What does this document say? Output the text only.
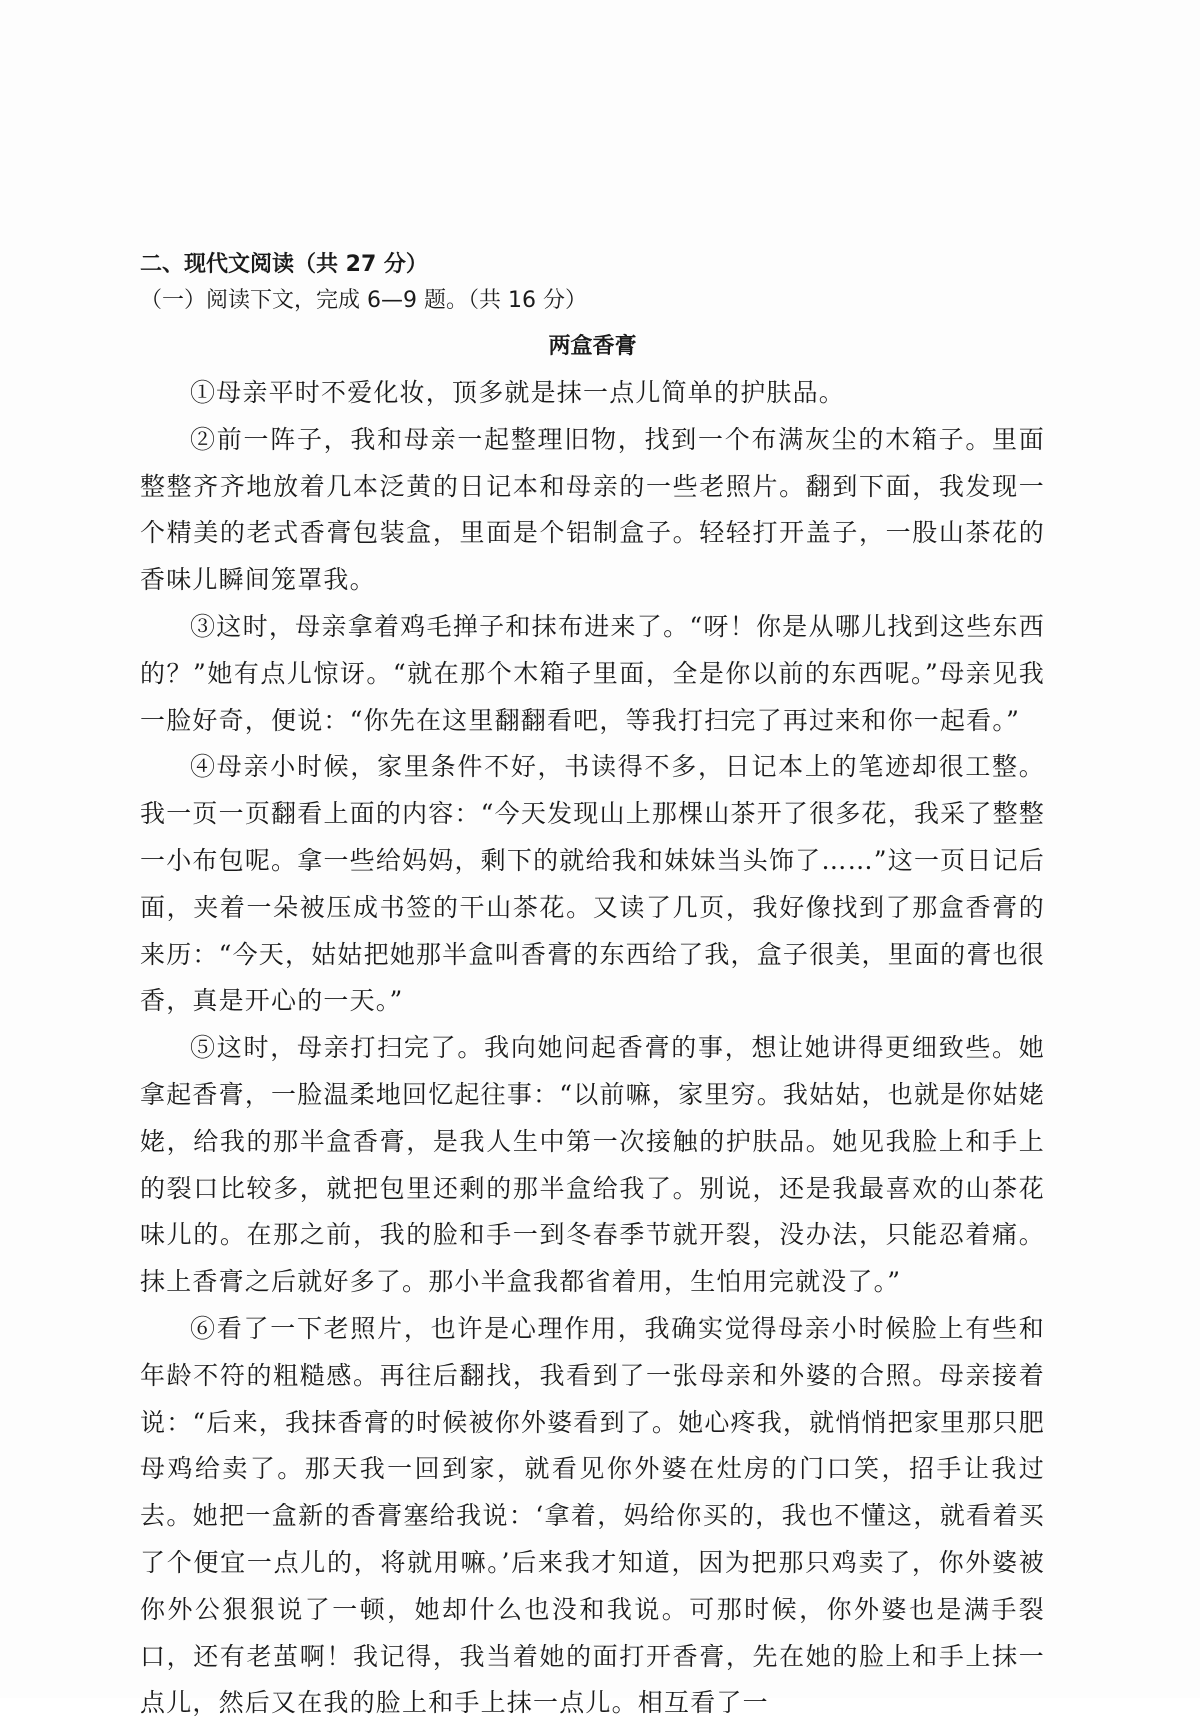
二、现代文阅读（共 27 分）

（一）阅读下文，完成 6—9 题。（共 16 分）

两盒香膏

①母亲平时不爱化妆，顶多就是抹一点儿简单的护肤品。

②前一阵子，我和母亲一起整理旧物，找到一个布满灰尘的木箱子。里面整整齐齐地放着几本泛黄的日记本和母亲的一些老照片。翻到下面，我发现一个精美的老式香膏包装盒，里面是个铝制盒子。轻轻打开盖子，一股山茶花的香味儿瞬间笼罩我。

③这时，母亲拿着鸡毛掸子和抹布进来了。“呀！你是从哪儿找到这些东西的？”她有点儿惊讶。“就在那个木箱子里面，全是你以前的东西呢。”母亲见我一脸好奇，便说：“你先在这里翻翻看吧，等我打扫完了再过来和你一起看。”

④母亲小时候，家里条件不好，书读得不多，日记本上的笔迹却很工整。我一页一页翻看上面的内容：“今天发现山上那棵山茶开了很多花，我采了整整一小布包呢。拿一些给妈妈，剩下的就给我和妹妹当头饰了……”这一页日记后面，夹着一朵被压成书签的干山茶花。又读了几页，我好像找到了那盒香膏的来历：“今天，姑姑把她那半盒叫香膏的东西给了我，盒子很美，里面的膏也很香，真是开心的一天。”

⑤这时，母亲打扫完了。我向她问起香膏的事，想让她讲得更细致些。她拿起香膏，一脸温柔地回忆起往事：“以前嘛，家里穷。我姑姑，也就是你姑姥姥，给我的那半盒香膏，是我人生中第一次接触的护肤品。她见我脸上和手上的裂口比较多，就把包里还剩的那半盒给我了。别说，还是我最喜欢的山茶花味儿的。在那之前，我的脸和手一到冬春季节就开裂，没办法，只能忍着痛。抹上香膏之后就好多了。那小半盒我都省着用，生怕用完就没了。”

⑥看了一下老照片，也许是心理作用，我确实觉得母亲小时候脸上有些和年龄不符的粗糙感。再往后翻找，我看到了一张母亲和外婆的合照。母亲接着说：“后来，我抹香膏的时候被你外婆看到了。她心疼我，就悄悄把家里那只肥母鸡给卖了。那天我一回到家，就看见你外婆在灶房的门口笑，招手让我过去。她把一盒新的香膏塞给我说：‘拿着，妈给你买的，我也不懂这，就看着买了个便宜一点儿的，将就用嘛。’后来我才知道，因为把那只鸡卖了，你外婆被你外公狠狠说了一顿，她却什么也没和我说。可那时候，你外婆也是满手裂口，还有老茧啊！我记得，我当着她的面打开香膏，先在她的脸上和手上抹一点儿，然后又在我的脸上和手上抹一点儿。相互看了一
